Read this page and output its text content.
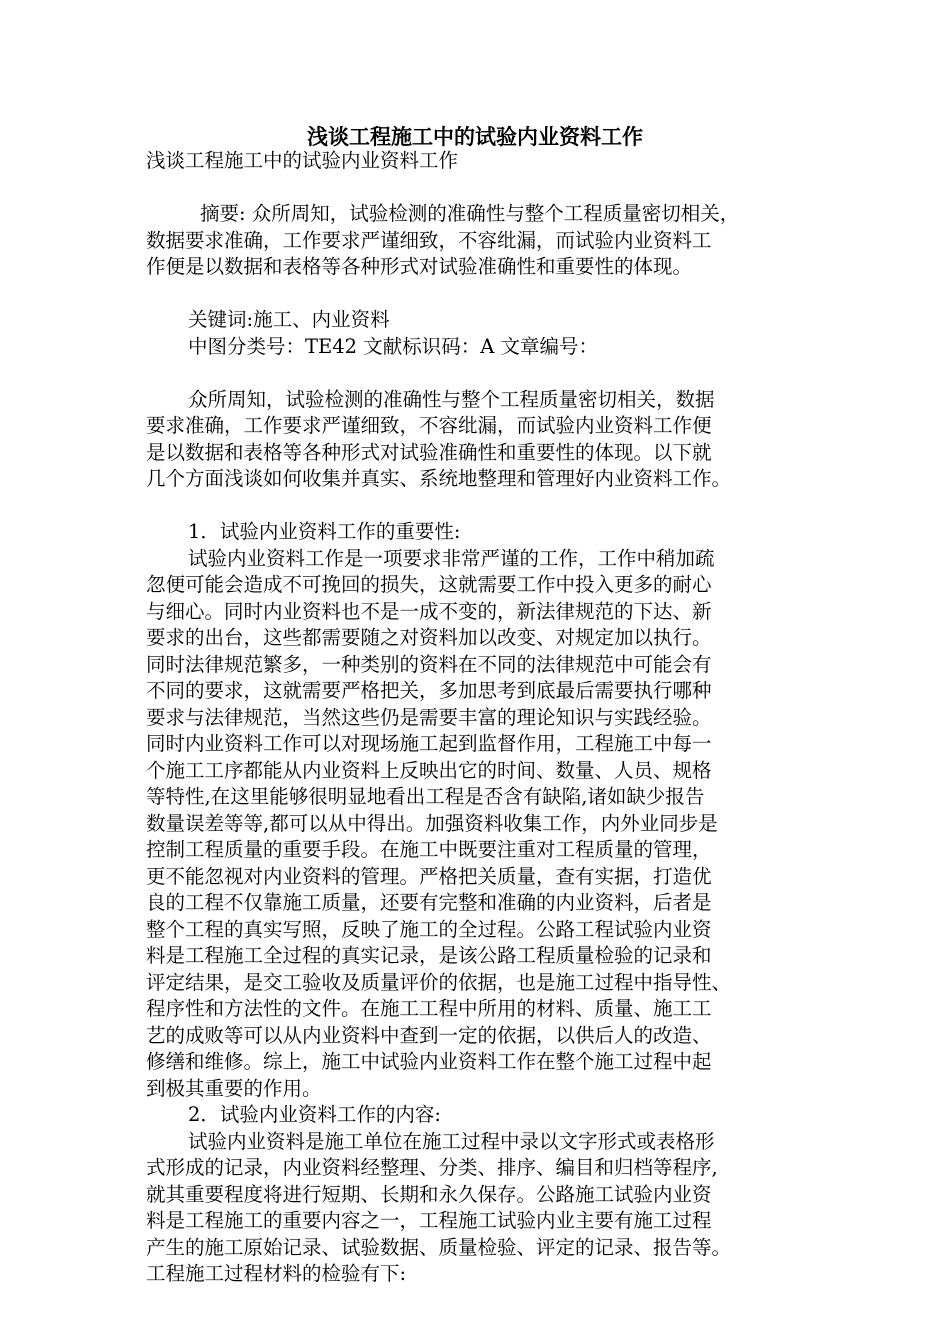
浅谈工程施工中的试验内业资料工作

浅谈工程施工中的试验内业资料工作

摘要: 众所周知，试验检测的准确性与整个工程质量密切相关，

数据要求准确，工作要求严谨细致，不容纰漏，而试验内业资料工

作便是以数据和表格等各种形式对试验准确性和重要性的体现。

关键词:施工、内业资料

中图分类号：TE42 文献标识码：A 文章编号：

众所周知，试验检测的准确性与整个工程质量密切相关，数据

要求准确，工作要求严谨细致，不容纰漏，而试验内业资料工作便

是以数据和表格等各种形式对试验准确性和重要性的体现。以下就

几个方面浅谈如何收集并真实、系统地整理和管理好内业资料工作。

1．试验内业资料工作的重要性:

试验内业资料工作是一项要求非常严谨的工作，工作中稍加疏

忽便可能会造成不可挽回的损失，这就需要工作中投入更多的耐心

与细心。同时内业资料也不是一成不变的，新法律规范的下达、新

要求的出台，这些都需要随之对资料加以改变、对规定加以执行。

同时法律规范繁多，一种类别的资料在不同的法律规范中可能会有

不同的要求，这就需要严格把关，多加思考到底最后需要执行哪种

要求与法律规范，当然这些仍是需要丰富的理论知识与实践经验。

同时内业资料工作可以对现场施工起到监督作用，工程施工中每一

个施工工序都能从内业资料上反映出它的时间、数量、人员、规格

等特性,在这里能够很明显地看出工程是否含有缺陷,诸如缺少报告

数量误差等等,都可以从中得出。加强资料收集工作，内外业同步是

控制工程质量的重要手段。在施工中既要注重对工程质量的管理，

更不能忽视对内业资料的管理。严格把关质量，查有实据，打造优

良的工程不仅靠施工质量，还要有完整和准确的内业资料，后者是

整个工程的真实写照，反映了施工的全过程。公路工程试验内业资

料是工程施工全过程的真实记录，是该公路工程质量检验的记录和

评定结果，是交工验收及质量评价的依据，也是施工过程中指导性、

程序性和方法性的文件。在施工工程中所用的材料、质量、施工工

艺的成败等可以从内业资料中查到一定的依据，以供后人的改造、

修缮和维修。综上，施工中试验内业资料工作在整个施工过程中起

到极其重要的作用。

2．试验内业资料工作的内容:

试验内业资料是施工单位在施工过程中录以文字形式或表格形

式形成的记录，内业资料经整理、分类、排序、编目和归档等程序,

就其重要程度将进行短期、长期和永久保存。公路施工试验内业资

料是工程施工的重要内容之一，工程施工试验内业主要有施工过程

产生的施工原始记录、试验数据、质量检验、评定的记录、报告等。

工程施工过程材料的检验有下:
